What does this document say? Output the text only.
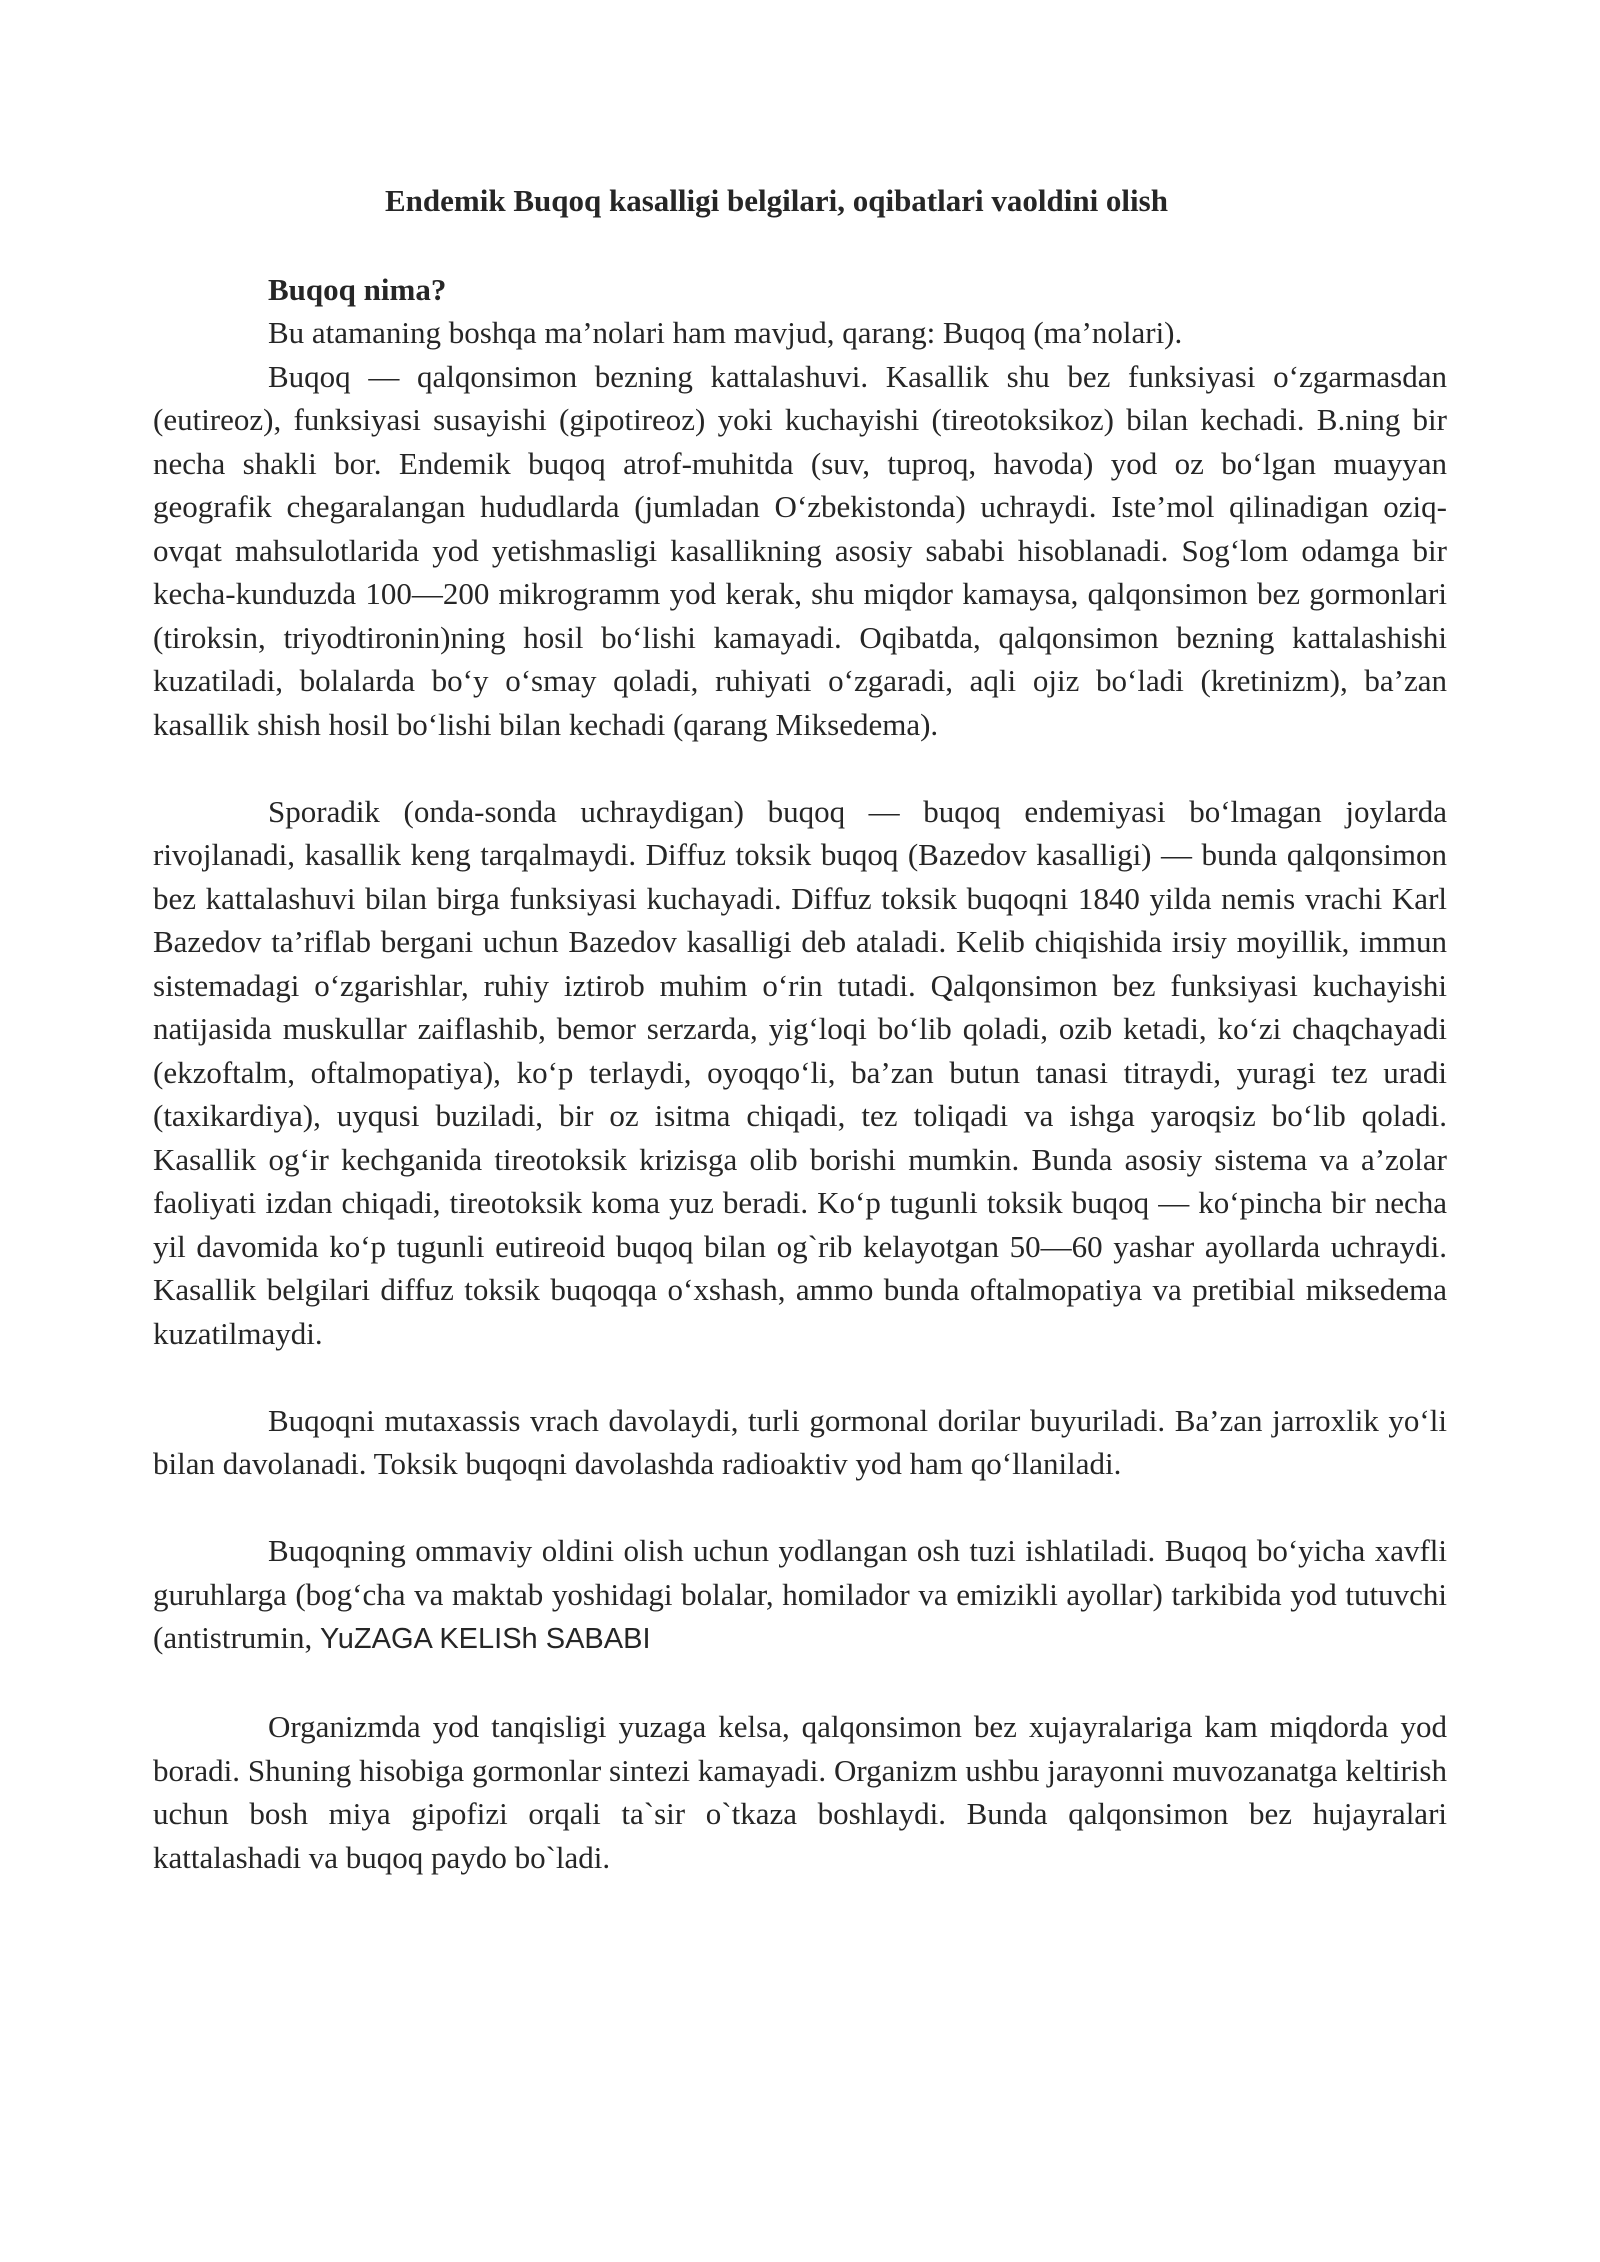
Endemik Buqoq kasalligi belgilari, oqibatlari vaoldini olish
Buqoq nima?

Bu atamaning boshqa ma’nolari ham mavjud, qarang: Buqoq (ma’nolari).

Buqoq — qalqonsimon bezning kattalashuvi. Kasallik shu bez funksiyasi oʻzgarmasdan (eutireoz), funksiyasi susayishi (gipotireoz) yoki kuchayishi (tireotoksikoz) bilan kechadi. B.ning bir necha shakli bor. Endemik buqoq atrof-muhitda (suv, tuproq, havoda) yod oz boʻlgan muayyan geografik chegaralangan hududlarda (jumladan Oʻzbekistonda) uchraydi. Iste’mol qilinadigan oziq-ovqat mahsulotlarida yod yetishmasligi kasallikning asosiy sababi hisoblanadi. Sogʻlom odamga bir kecha-kunduzda 100—200 mikrogramm yod kerak, shu miqdor kamaysa, qalqonsimon bez gormonlari (tiroksin, triyodtironin)ning hosil boʻlishi kamayadi. Oqibatda, qalqonsimon bezning kattalashishi kuzatiladi, bolalarda boʻy oʻsmay qoladi, ruhiyati oʻzgaradi, aqli ojiz boʻladi (kretinizm), ba’zan kasallik shish hosil boʻlishi bilan kechadi (qarang Miksedema).

Sporadik (onda-sonda uchraydigan) buqoq — buqoq endemiyasi boʻlmagan joylarda rivojlanadi, kasallik keng tarqalmaydi. Diffuz toksik buqoq (Bazedov kasalligi) — bunda qalqonsimon bez kattalashuvi bilan birga funksiyasi kuchayadi. Diffuz toksik buqoqni 1840 yilda nemis vrachi Karl Bazedov ta’riflab bergani uchun Bazedov kasalligi deb ataladi. Kelib chiqishida irsiy moyillik, immun sistemadagi oʻzgarishlar, ruhiy iztirob muhim oʻrin tutadi. Qalqonsimon bez funksiyasi kuchayishi natijasida muskullar zaiflashib, bemor serzarda, yigʻloqi boʻlib qoladi, ozib ketadi, koʻzi chaqchayadi (ekzoftalm, oftalmopatiya), koʻp terlaydi, oyoqqoʻli, ba’zan butun tanasi titraydi, yuragi tez uradi (taxikardiya), uyqusi buziladi, bir oz isitma chiqadi, tez toliqadi va ishga yaroqsiz boʻlib qoladi. Kasallik ogʻir kechganida tireotoksik krizisga olib borishi mumkin. Bunda asosiy sistema va a’zolar faoliyati izdan chiqadi, tireotoksik koma yuz beradi. Koʻp tugunli toksik buqoq — koʻpincha bir necha yil davomida koʻp tugunli eutireoid buqoq bilan og`rib kelayotgan 50—60 yashar ayollarda uchraydi. Kasallik belgilari diffuz toksik buqoqqa oʻxshash, ammo bunda oftalmopatiya va pretibial miksedema kuzatilmaydi.

Buqoqni mutaxassis vrach davolaydi, turli gormonal dorilar buyuriladi. Ba’zan jarroxlik yoʻli bilan davolanadi. Toksik buqoqni davolashda radioaktiv yod ham qoʻllaniladi.

Buqoqning ommaviy oldini olish uchun yodlangan osh tuzi ishlatiladi. Buqoq boʻyicha xavfli guruhlarga (bogʻcha va maktab yoshidagi bolalar, homilador va emizikli ayollar) tarkibida yod tutuvchi (antistrumin, YuZAGA KELISh SABABI

Organizmda yod tanqisligi yuzaga kelsa, qalqonsimon bez xujayralariga kam miqdorda yod boradi. Shuning hisobiga gormonlar sintezi kamayadi. Organizm ushbu jarayonni muvozanatga keltirish uchun bosh miya gipofizi orqali ta`sir o`tkaza boshlaydi. Bunda qalqonsimon bez hujayralari kattalashadi va buqoq paydo bo`ladi.
